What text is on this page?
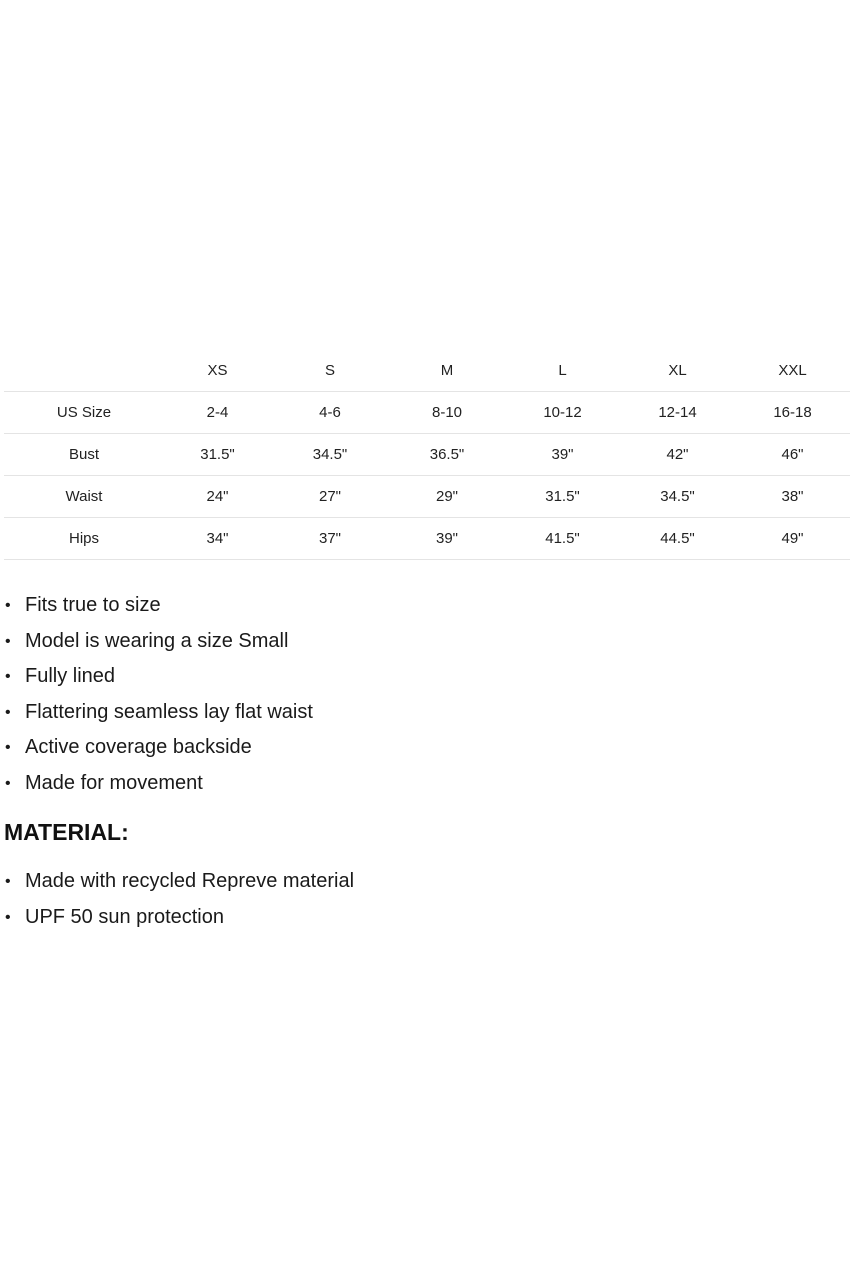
	XS	S	M	L	XL	XXL
US Size	2-4	4-6	8-10	10-12	12-14	16-18
Bust	31.5"	34.5"	36.5"	39"	42"	46"
Waist	24"	27"	29"	31.5"	34.5"	38"
Hips	34"	37"	39"	41.5"	44.5"	49"
• Fits true to size
• Model is wearing a size Small
• Fully lined
• Flattering seamless lay flat waist
• Active coverage backside
• Made for movement
MATERIAL:
• Made with recycled Repreve material
• UPF 50 sun protection
